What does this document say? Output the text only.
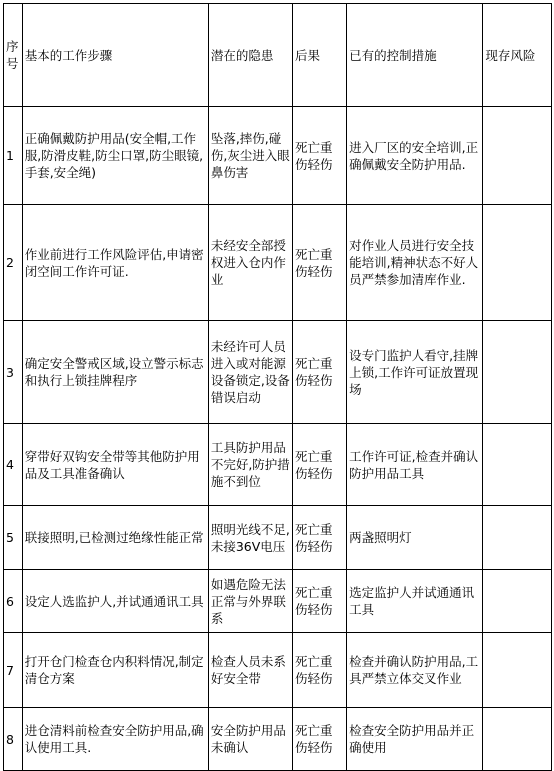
序号	基本的工作步骤	潜在的隐患	后果	已有的控制措施	现存风险
1	正确佩戴防护用品(安全帽,工作服,防滑皮鞋,防尘口罩,防尘眼镜,手套,安全绳)	坠落,摔伤,碰伤,灰尘进入眼鼻伤害	死亡重伤轻伤	进入厂区的安全培训,正确佩戴安全防护用品.	
2	作业前进行工作风险评估,申请密闭空间工作许可证.	未经安全部授权进入仓内作业	死亡重伤轻伤	对作业人员进行安全技能培训,精神状态不好人员严禁参加清库作业.	
3	确定安全警戒区域,设立警示标志和执行上锁挂牌程序	未经许可人员进入或对能源设备锁定,设备错误启动	死亡重伤轻伤	设专门监护人看守,挂牌上锁,工作许可证放置现场	
4	穿带好双钩安全带等其他防护用品及工具准备确认	工具防护用品不完好,防护措施不到位	死亡重伤轻伤	工作许可证,检查并确认防护用品工具	
5	联接照明,已检测过绝缘性能正常	照明光线不足,未接36V电压	死亡重伤轻伤	两盏照明灯	
6	设定人选监护人,并试通通讯工具	如遇危险无法正常与外界联系	死亡重伤轻伤	选定监护人并试通通讯工具	
7	打开仓门检查仓内积料情况,制定清仓方案	检查人员未系好安全带	死亡重伤轻伤	检查并确认防护用品,工具严禁立体交叉作业	
8	进仓清料前检查安全防护用品,确认使用工具.	安全防护用品未确认	死亡重伤轻伤	检查安全防护用品并正确使用	
